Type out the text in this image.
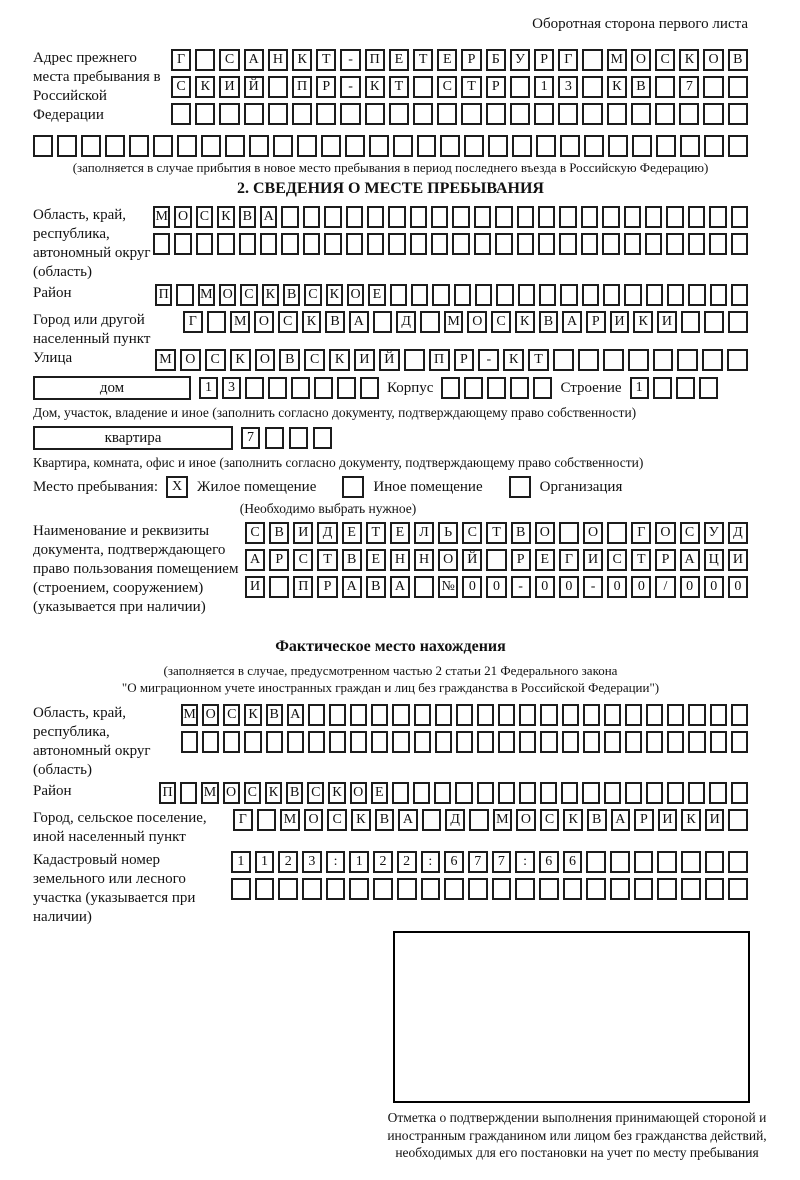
Оборотная сторона первого листа
Адрес прежнего места пребывания в Российской Федерации
Г	С	А	Н	К	Т	-	П	Е	Т	Е	Р	Б	У	Р	Г	М О	С	К	О	В
С	К	И	Й	П	Р	-	К	Т	С	Т	Р	1	3	К	В	7
(заполняется в случае прибытия в новое место пребывания в период последнего въезда в Российскую Федерацию)
2. СВЕДЕНИЯ О МЕСТЕ ПРЕБЫВАНИЯ
Область, край, республика, автономный округ (область)
М О С К В А
Район	П М О С К В С К О Е
Город или другой населенный пункт
Г	М О С	К	В А	Д	М О С	К	В А	Р	И К И
Улица	М О	С	К	О	В	С	К	И	Й	П	Р	-	К	Т
дом	1	3	Корпус	Строение	1
Дом, участок, владение и иное (заполнить согласно документу, подтверждающему право собственности)
квартира	7
Квартира, комната, офис и иное (заполнить согласно документу, подтверждающему право собственности)
Место пребывания: X Жилое помещение	Иное помещение	Организация
(Необходимо выбрать нужное)
Наименование и реквизиты документа, подтверждающего право пользования помещением (строением, сооружением) (указывается при наличии)
С	В	И	Д	Е	Т	Е	Л	Ь	С	Т	В	О	О	Г	О	С	У	Д
А	Р	С	Т	В	Е	Н	Н	О	Й	Р	Е	Г	И	С	Т	Р	А	Ц	И
И	П	Р	А	В	А	№ 0	0	-	0	0	-	0	0	/	0	0	0
Фактическое место нахождения
(заполняется в случае, предусмотренном частью 2 статьи 21 Федерального закона
"О миграционном учете иностранных граждан и лиц без гражданства в Российской Федерации")
Область, край, республика, автономный округ (область)
М О С К В А
Район	П М О С К В С К О Е
Город, сельское поселение, иной населенный пункт
Г	М О С	К	В А	Д	М О С	К	В А	Р	И К И
Кадастровый номер земельного или лесного участка (указывается при наличии)
1	1	2	3	:	1	2	2	:	6	7	7	:	6	6
Отметка о подтверждении выполнения принимающей стороной и иностранным гражданином или лицом без гражданства действий, необходимых для его постановки на учет по месту пребывания
